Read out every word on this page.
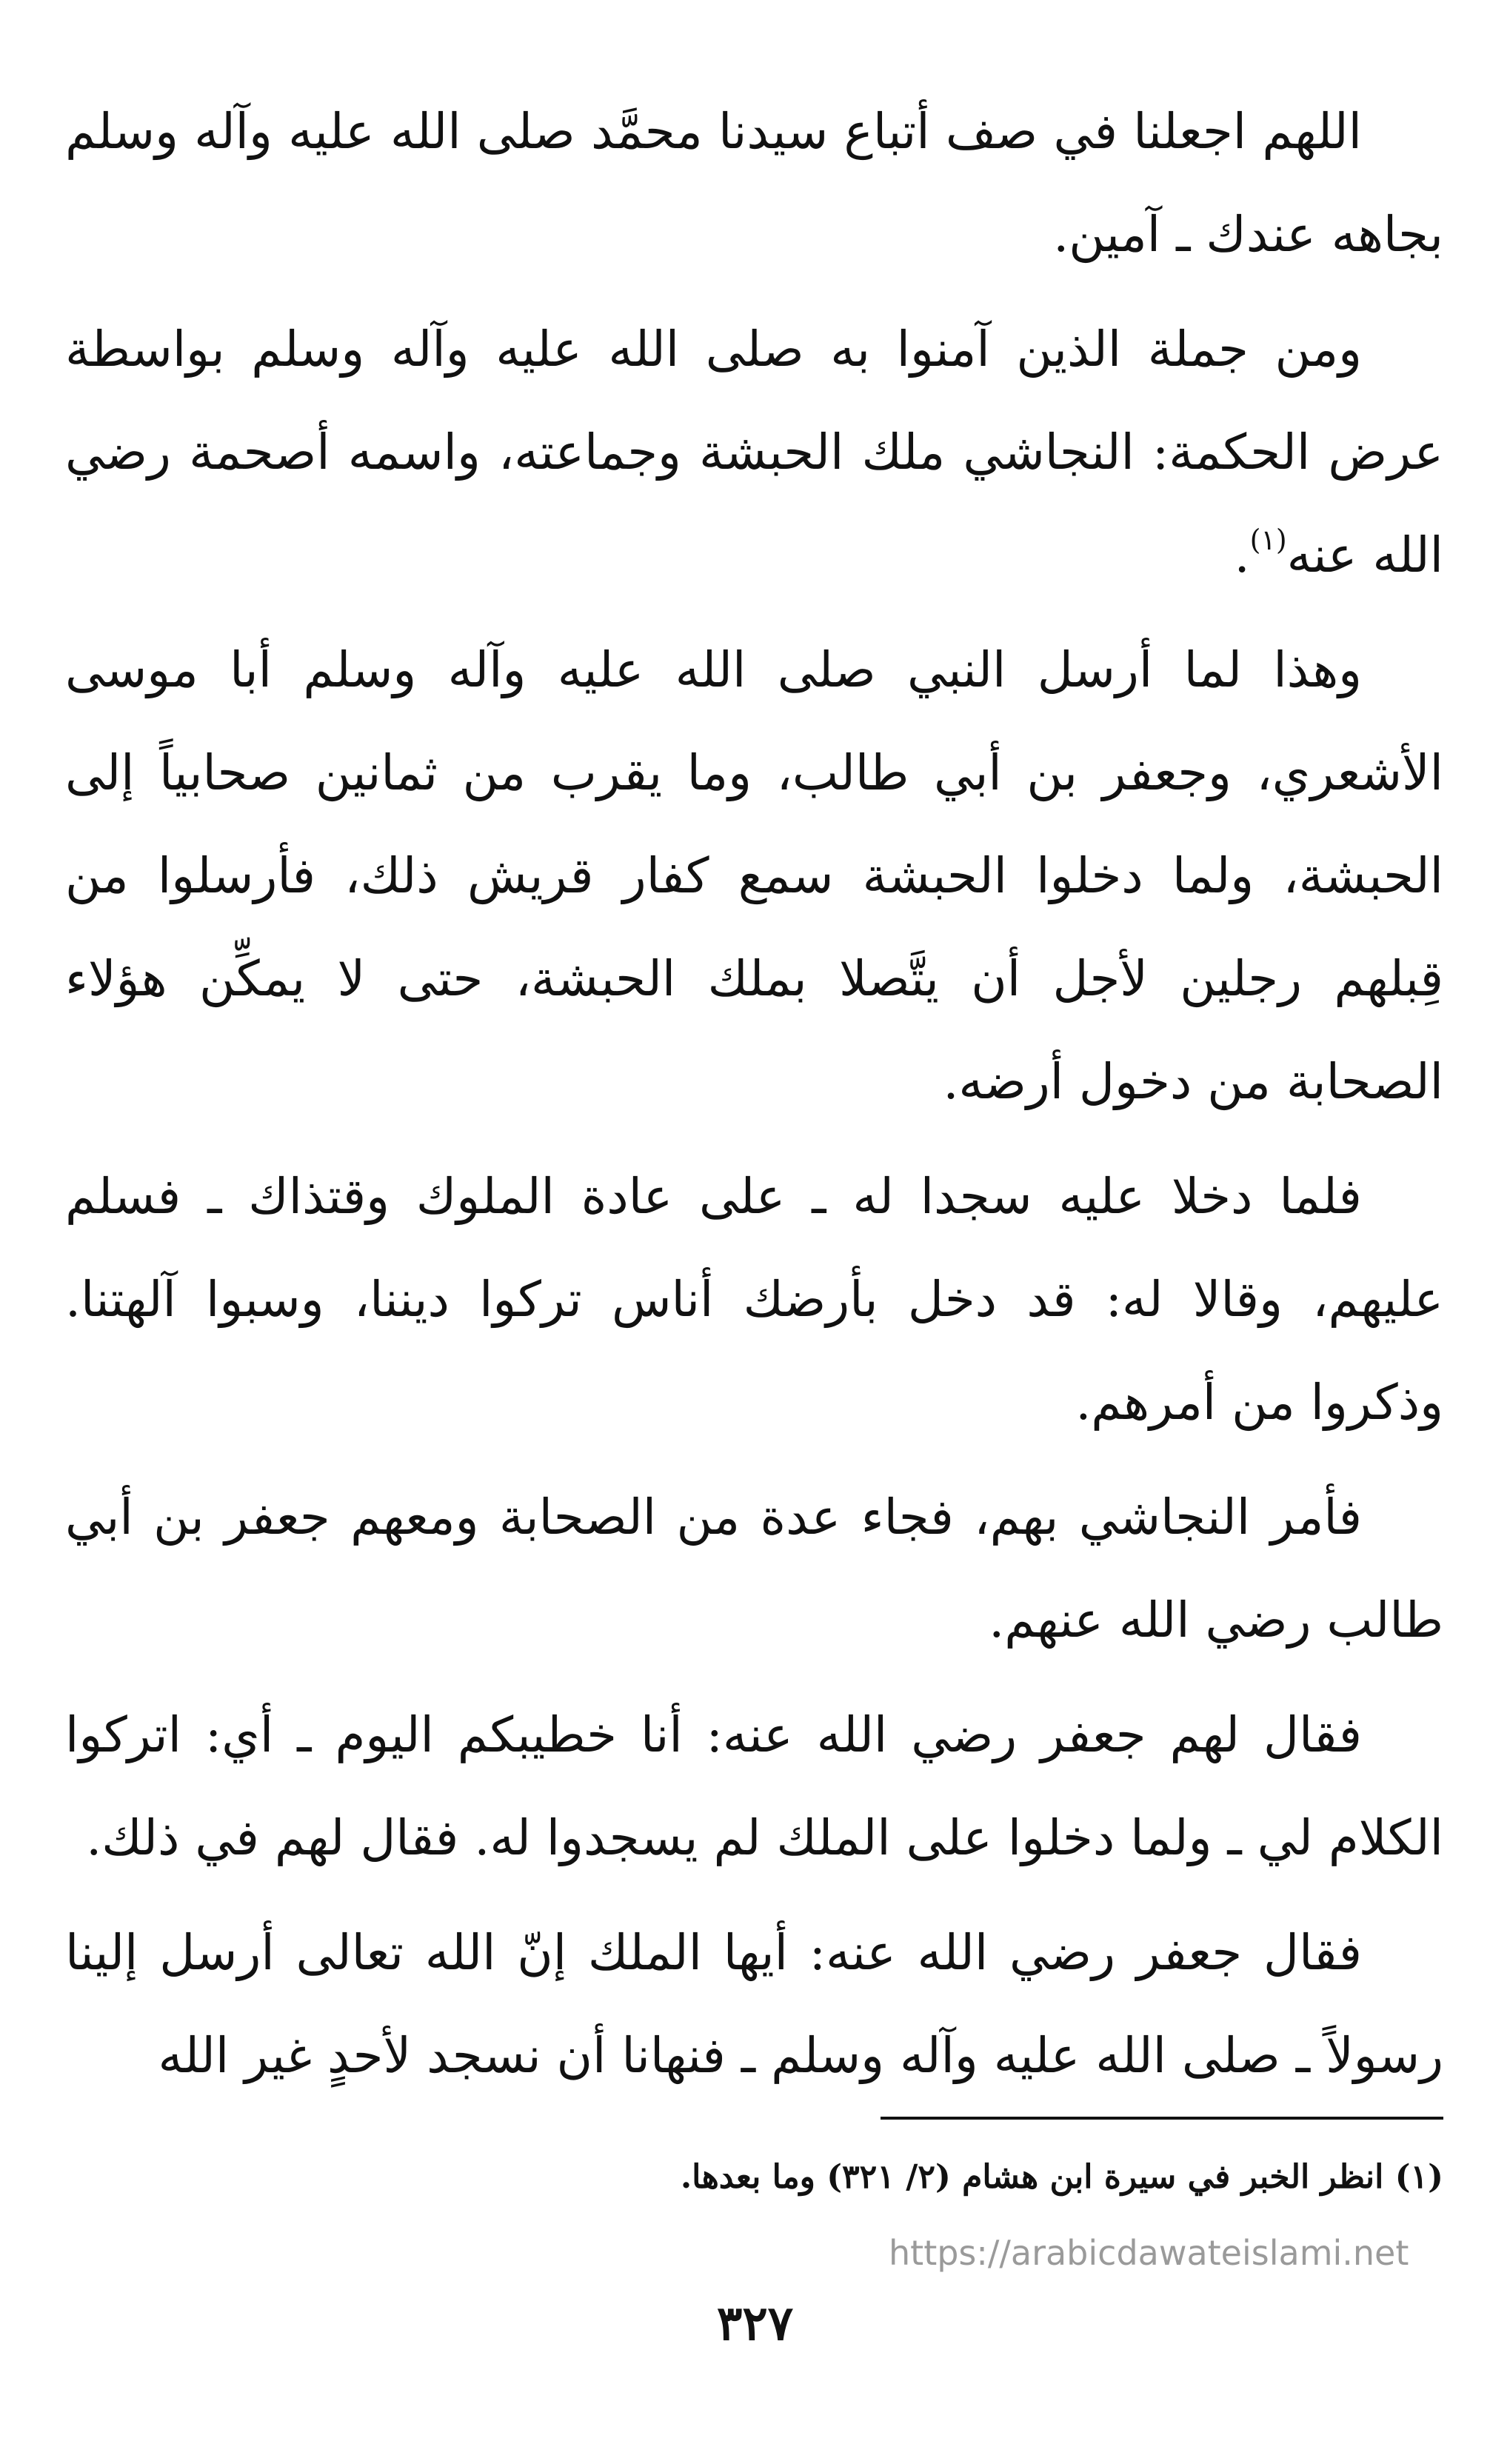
اللهم اجعلنا في صف أتباع سيدنا محمَّد صلى الله عليه وآله وسلم بجاهه عندك ـ آمين.

ومن جملة الذين آمنوا به صلى الله عليه وآله وسلم بواسطة عرض الحكمة: النجاشي ملك الحبشة وجماعته، واسمه أصحمة رضي الله عنه$^{(١)}$.

وهذا لما أرسل النبي صلى الله عليه وآله وسلم أبا موسى الأشعري، وجعفر بن أبي طالب، وما يقرب من ثمانين صحابياً إلى الحبشة، ولما دخلوا الحبشة سمع كفار قريش ذلك، فأرسلوا من قِبلهم رجلين لأجل أن يتَّصلا بملك الحبشة، حتى لا يمكِّن هؤلاء الصحابة من دخول أرضه.

فلما دخلا عليه سجدا له ـ على عادة الملوك وقتذاك ـ فسلم عليهم، وقالا له: قد دخل بأرضك أناس تركوا ديننا، وسبوا آلهتنا. وذكروا من أمرهم.

فأمر النجاشي بهم، فجاء عدة من الصحابة ومعهم جعفر بن أبي طالب رضي الله عنهم.

فقال لهم جعفر رضي الله عنه: أنا خطيبكم اليوم ـ أي: اتركوا الكلام لي ـ ولما دخلوا على الملك لم يسجدوا له. فقال لهم في ذلك.

فقال جعفر رضي الله عنه: أيها الملك إنّ الله تعالى أرسل إلينا رسولاً ـ صلى الله عليه وآله وسلم ـ فنهانا أن نسجد لأحدٍ غير الله

(١) انظر الخبر في سيرة ابن هشام (٢/ ٣٢١) وما بعدها.
https://arabicdawateislami.net
٣٢٧
